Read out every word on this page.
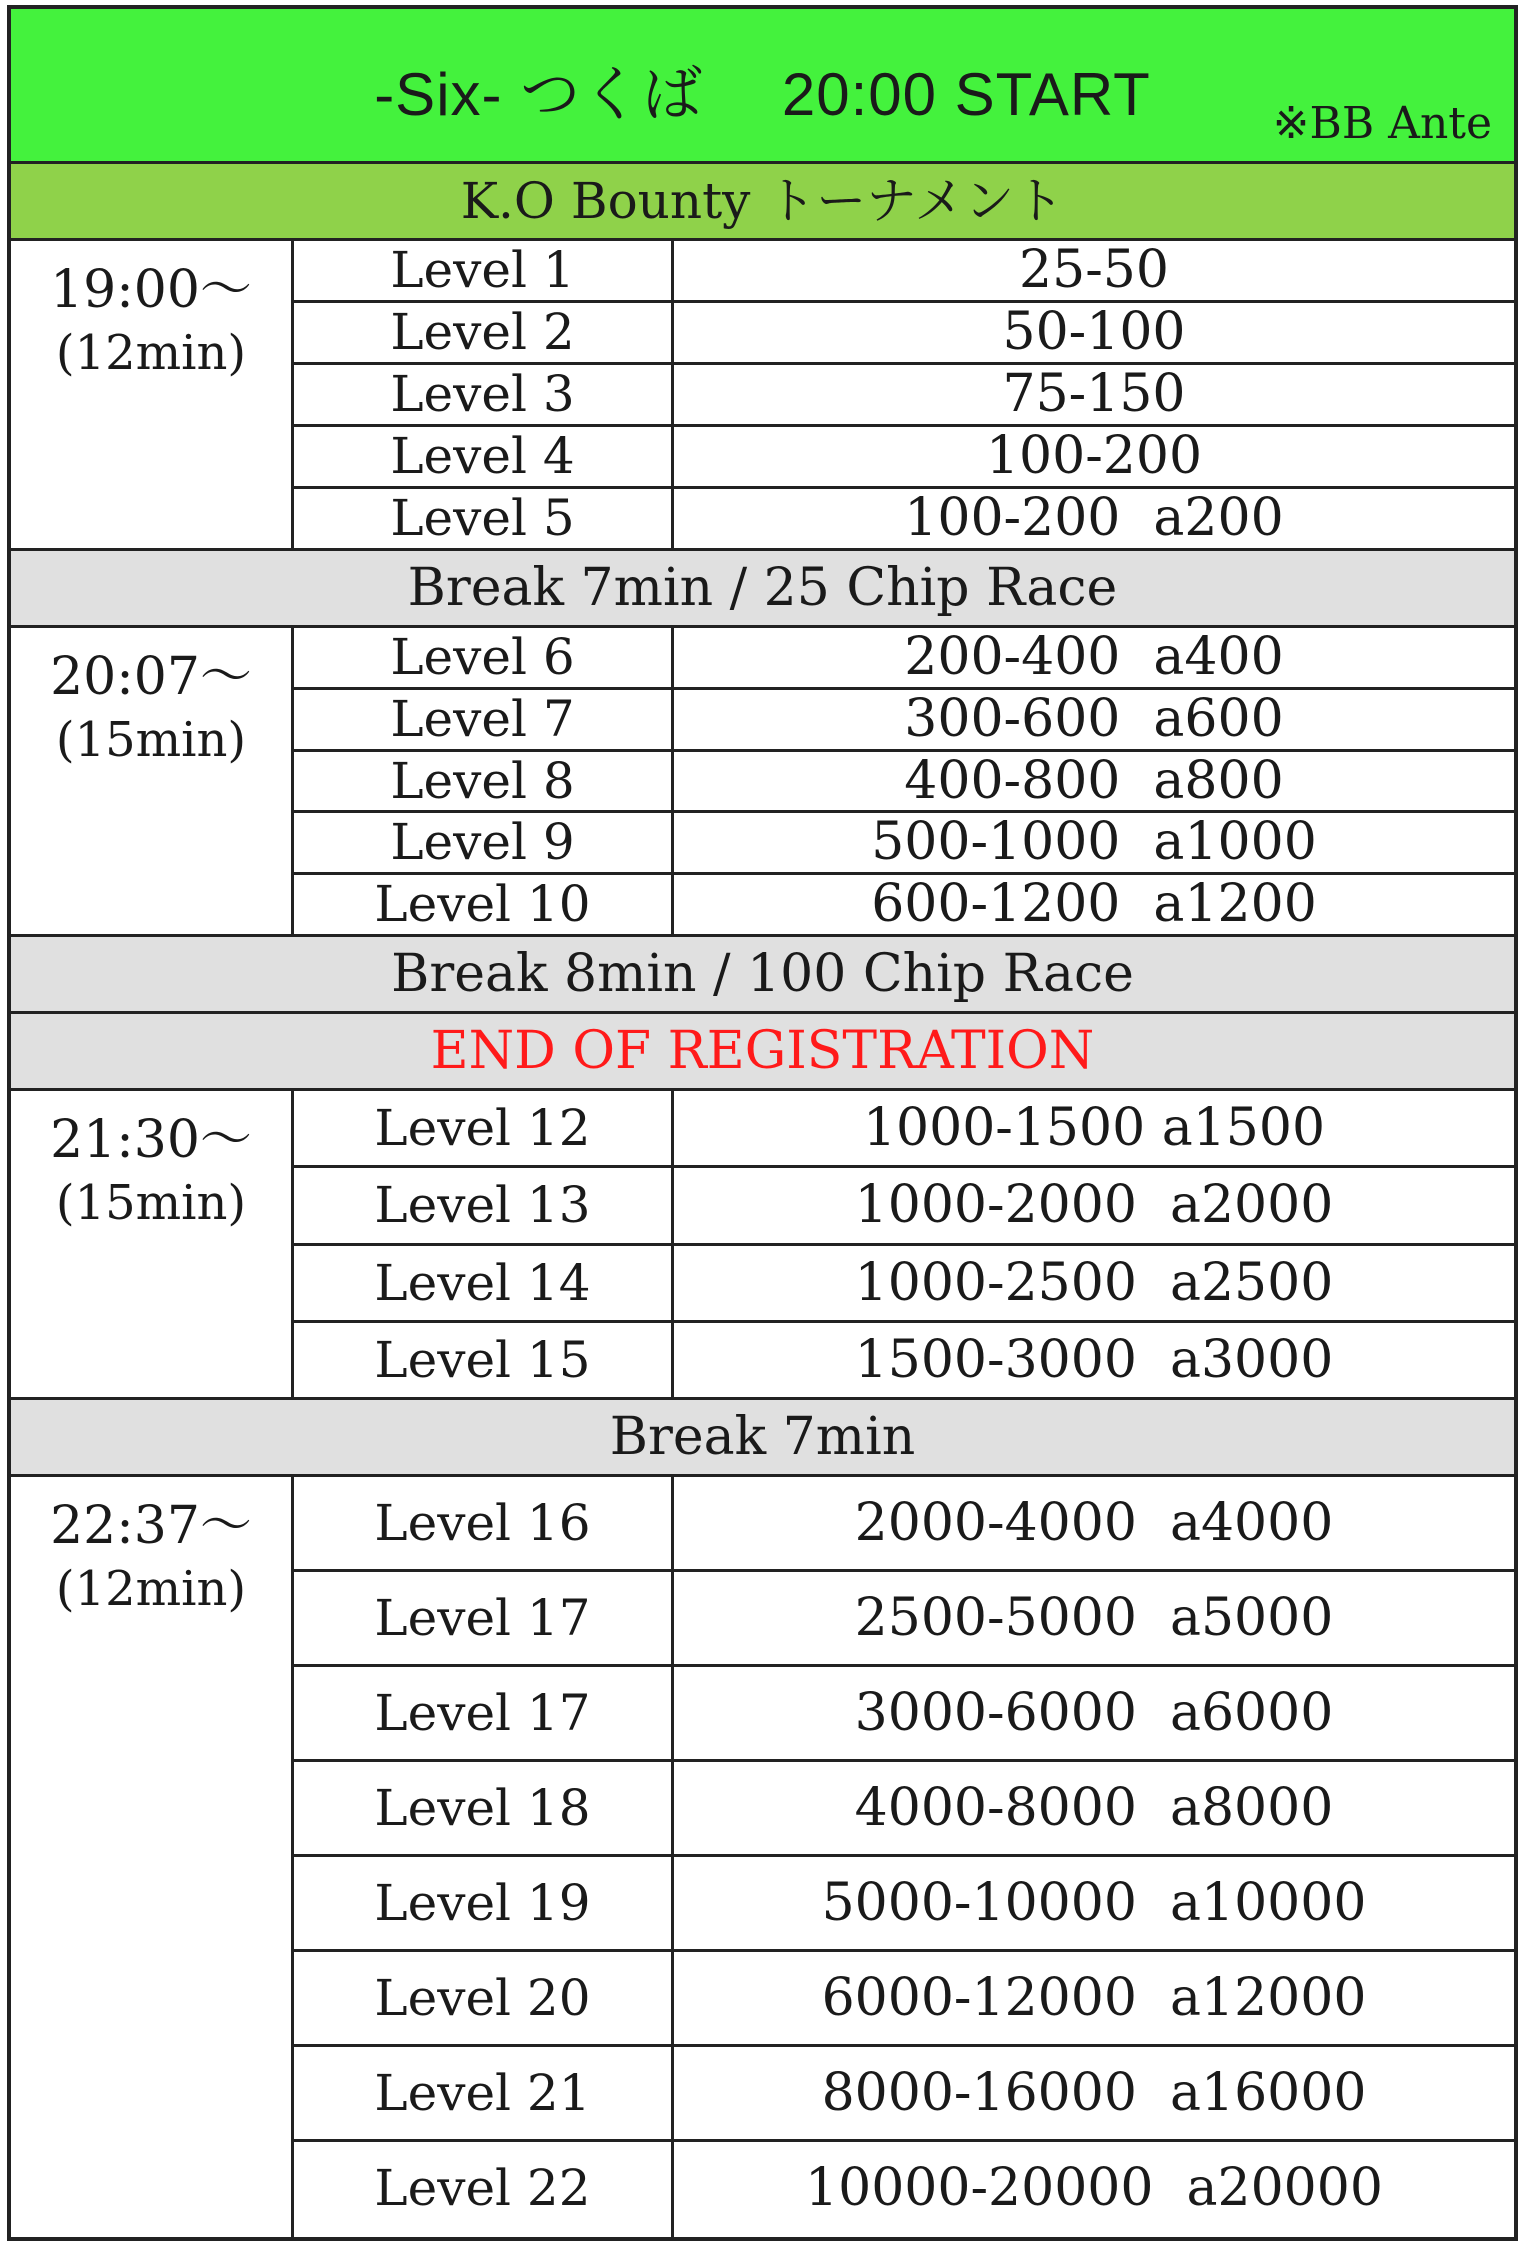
-Six- つくば　 20:00 START	※BB Ante
K.O Bounty トーナメント
19:00～
(12min)
Level 1	25-50
Level 2	50-100
Level 3	75-150
Level 4	100-200
Level 5	100-200  a200
Break 7min / 25 Chip Race
20:07～
(15min)
Level 6	200-400  a400
Level 7	300-600  a600
Level 8	400-800  a800
Level 9	500-1000  a1000
Level 10	600-1200  a1200
Break 8min / 100 Chip Race
END OF REGISTRATION
21:30～
(15min)
Level 12	1000-1500 a1500
Level 13	1000-2000  a2000
Level 14	1000-2500  a2500
Level 15	1500-3000  a3000
Break 7min
22:37～
(12min)
Level 16	2000-4000  a4000
Level 17	2500-5000  a5000
Level 17	3000-6000  a6000
Level 18	4000-8000  a8000
Level 19	5000-10000  a10000
Level 20	6000-12000  a12000
Level 21	8000-16000  a16000
Level 22	10000-20000  a20000
